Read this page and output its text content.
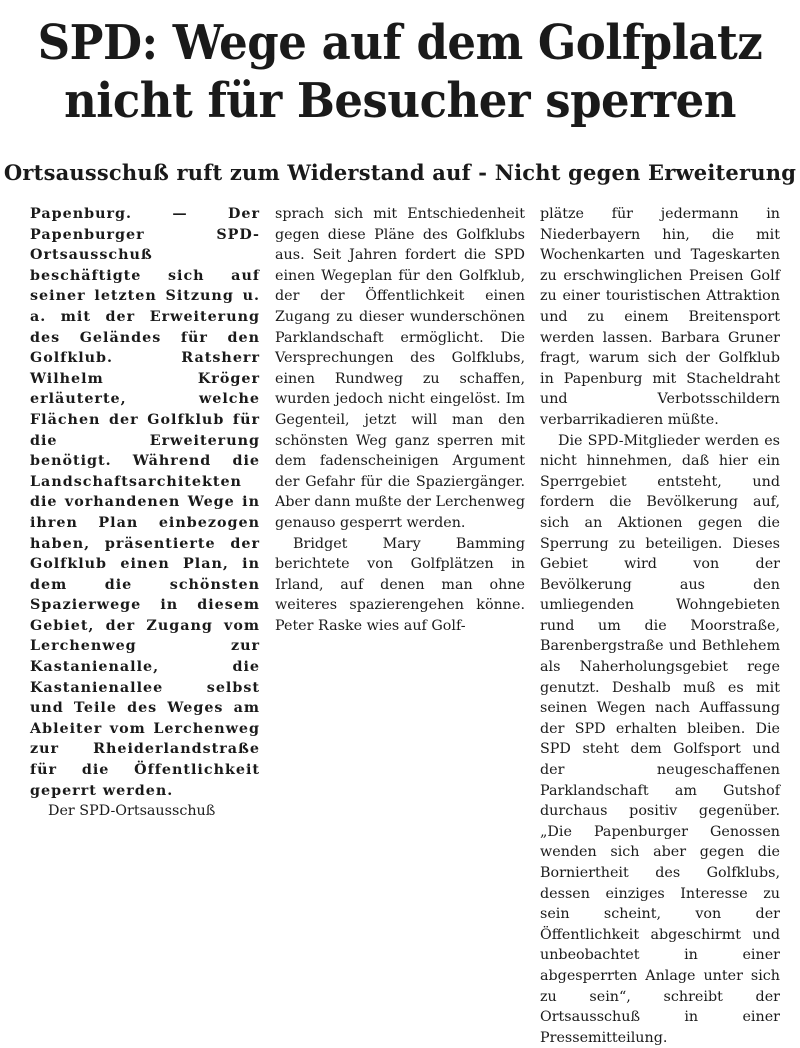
SPD: Wege auf dem Golfplatz
nicht für Besucher sperren
Ortsausschuß ruft zum Widerstand auf - Nicht gegen Erweiterung

Papenburg. — Der Papenburger SPD-Ortsausschuß beschäftigte sich auf seiner letzten Sitzung u. a. mit der Erweiterung des Geländes für den Golfklub. Ratsherr Wilhelm Kröger erläuterte, welche Flächen der Golfklub für die Erweiterung benötigt. Während die Landschaftsarchitekten die vorhandenen Wege in ihren Plan einbezogen haben, präsentierte der Golfklub einen Plan, in dem die schönsten Spazierwege in diesem Gebiet, der Zugang vom Lerchenweg zur Kastanienalle, die Kastanienallee selbst und Teile des Weges am Ableiter vom Lerchenweg zur Rheiderlandstraße für die Öffentlichkeit geperrt werden.

Der SPD-Ortsausschuß

sprach sich mit Entschiedenheit gegen diese Pläne des Golfklubs aus. Seit Jahren fordert die SPD einen Wegeplan für den Golfklub, der der Öffentlichkeit einen Zugang zu dieser wunderschönen Parklandschaft ermöglicht. Die Versprechungen des Golfklubs, einen Rundweg zu schaffen, wurden jedoch nicht eingelöst. Im Gegenteil, jetzt will man den schönsten Weg ganz sperren mit dem fadenscheinigen Argument der Gefahr für die Spaziergänger. Aber dann mußte der Lerchenweg genauso gesperrt werden.

Bridget Mary Bamming berichtete von Golfplätzen in Irland, auf denen man ohne weiteres spazierengehen könne. Peter Raske wies auf Golf-

plätze für jedermann in Niederbayern hin, die mit Wochenkarten und Tageskarten zu erschwinglichen Preisen Golf zu einer touristischen Attraktion und zu einem Breitensport werden lassen. Barbara Gruner fragt, warum sich der Golfklub in Papenburg mit Stacheldraht und Verbotsschildern verbarrikadieren müßte.

Die SPD-Mitglieder werden es nicht hinnehmen, daß hier ein Sperrgebiet entsteht, und fordern die Bevölkerung auf, sich an Aktionen gegen die Sperrung zu beteiligen. Dieses Gebiet wird von der Bevölkerung aus den umliegenden Wohngebieten rund um die Moorstraße, Barenbergstraße und Bethlehem als Naherholungsgebiet rege genutzt. Deshalb muß es mit seinen Wegen nach Auffassung der SPD erhalten bleiben. Die SPD steht dem Golfsport und der neugeschaffenen Parklandschaft am Gutshof durchaus positiv gegenüber. „Die Papenburger Genossen wenden sich aber gegen die Borniertheit des Golfklubs, dessen einziges Interesse zu sein scheint, von der Öffentlichkeit abgeschirmt und unbeobachtet in einer abgesperrten Anlage unter sich zu sein“, schreibt der Ortsausschuß in einer Pressemitteilung.
